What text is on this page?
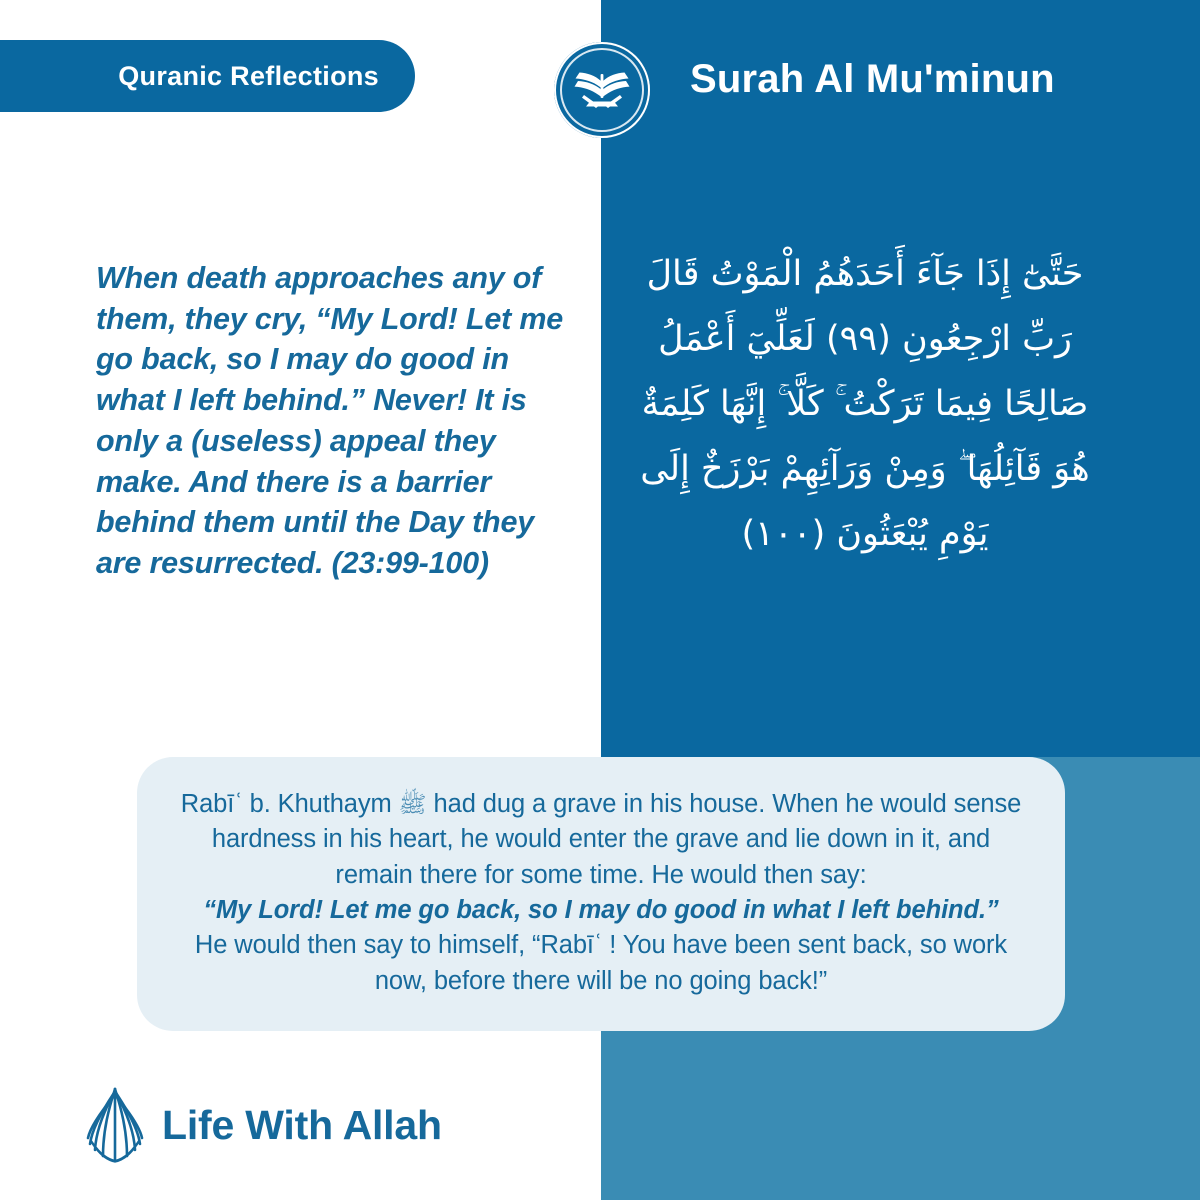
Quranic Reflections	Surah Al Mu'minun
When death approaches any of them, they cry, “My Lord! Let me go back, so I may do good in what I left behind.” Never! It is only a (useless) appeal they make. And there is a barrier behind them until the Day they are resurrected. (23:99-100)
حَتَّىٰٓ إِذَا جَآءَ أَحَدَهُمُ الْمَوْتُ قَالَ
رَبِّ ارْجِعُونِ (٩٩) لَعَلِّيٓ أَعْمَلُ
صَالِحًا فِيمَا تَرَكْتُ ۚ كَلَّا ۚ إِنَّهَا كَلِمَةٌ
هُوَ قَآئِلُهَا ۖ وَمِنْ وَرَآئِهِمْ بَرْزَخٌ إِلَى
يَوْمِ يُبْعَثُونَ (١٠٠)
Rabīʿ b. Khuthaym ﷺ had dug a grave in his house. When he would sense hardness in his heart, he would enter the grave and lie down in it, and remain there for some time. He would then say:
“My Lord! Let me go back, so I may do good in what I left behind.”
He would then say to himself, “Rabīʿ ! You have been sent back, so work now, before there will be no going back!”
Life With Allah
